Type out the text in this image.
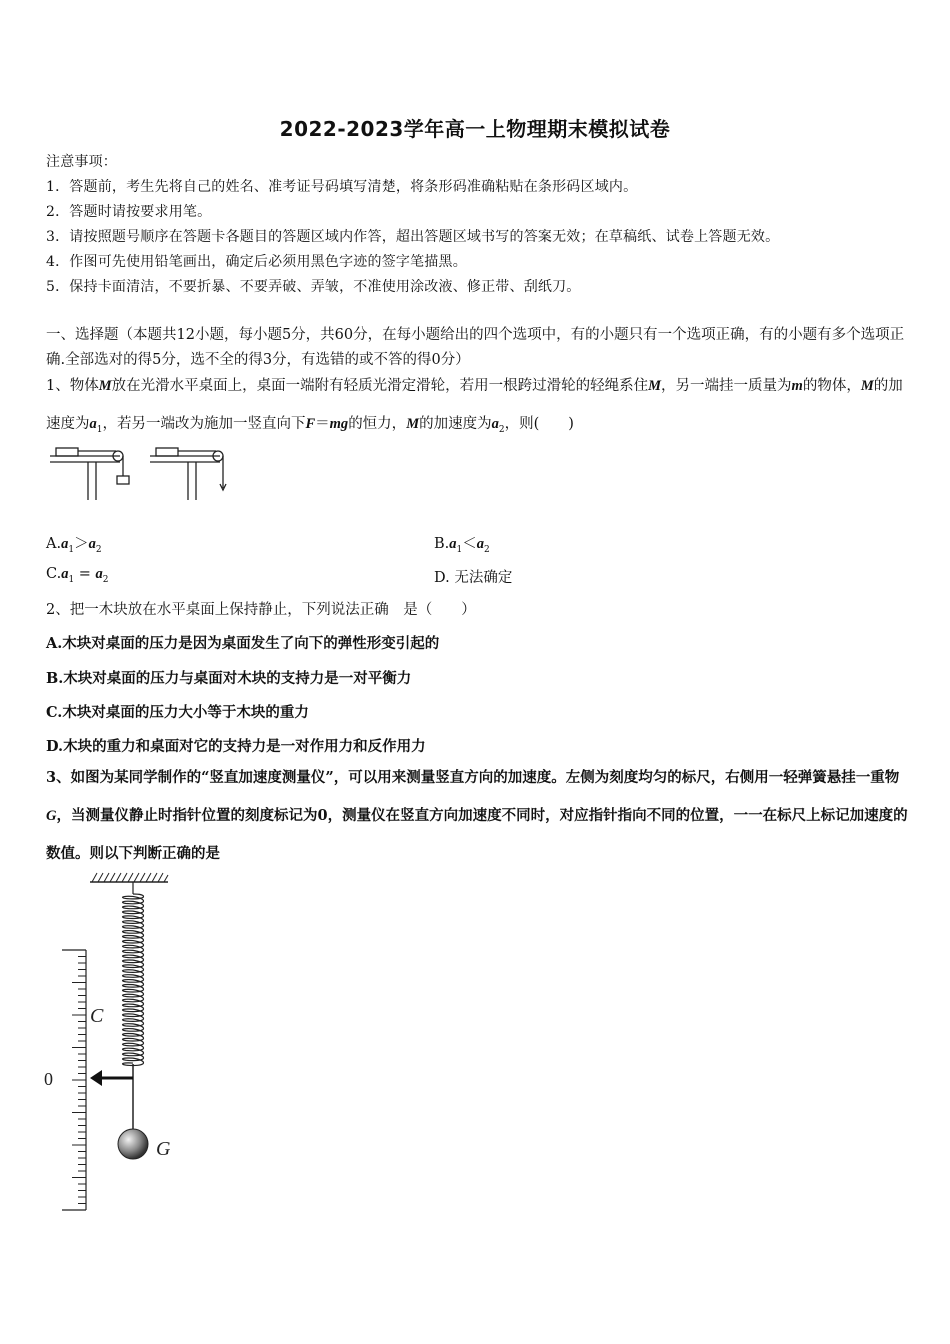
2022-2023学年高一上物理期末模拟试卷
注意事项：
1．答题前，考生先将自己的姓名、准考证号码填写清楚，将条形码准确粘贴在条形码区域内。
2．答题时请按要求用笔。
3．请按照题号顺序在答题卡各题目的答题区域内作答，超出答题区域书写的答案无效；在草稿纸、试卷上答题无效。
4．作图可先使用铅笔画出，确定后必须用黑色字迹的签字笔描黑。
5．保持卡面清洁，不要折暴、不要弄破、弄皱，不准使用涂改液、修正带、刮纸刀。
一、选择题（本题共12小题，每小题5分，共60分，在每小题给出的四个选项中，有的小题只有一个选项正确，有的小题有多个选项正确.全部选对的得5分，选不全的得3分，有选错的或不答的得0分）
1、物体M放在光滑水平桌面上，桌面一端附有轻质光滑定滑轮，若用一根跨过滑轮的轻绳系住M，另一端挂一质量为m的物体，M的加速度为$a_1$，若另一端改为施加一竖直向下F＝mg的恒力，M的加速度为$a_2$，则(　　)
$A.a_1>a_2$	$B.a_1<a_2$
$C.a_1 = a_2$	D. 无法确定
2、把一木块放在水平桌面上保持静止，下列说法正确　是（　　）
A.木块对桌面的压力是因为桌面发生了向下的弹性形变引起的
B.木块对桌面的压力与桌面对木块的支持力是一对平衡力
C.木块对桌面的压力大小等于木块的重力
D.木块的重力和桌面对它的支持力是一对作用力和反作用力
3、如图为某同学制作的“竖直加速度测量仪”，可以用来测量竖直方向的加速度。左侧为刻度均匀的标尺，右侧用一轻弹簧悬挂一重物G，当测量仪静止时指针位置的刻度标记为0，测量仪在竖直方向加速度不同时，对应指针指向不同的位置，一一在标尺上标记加速度的数值。则以下判断正确的是
C
0
G
